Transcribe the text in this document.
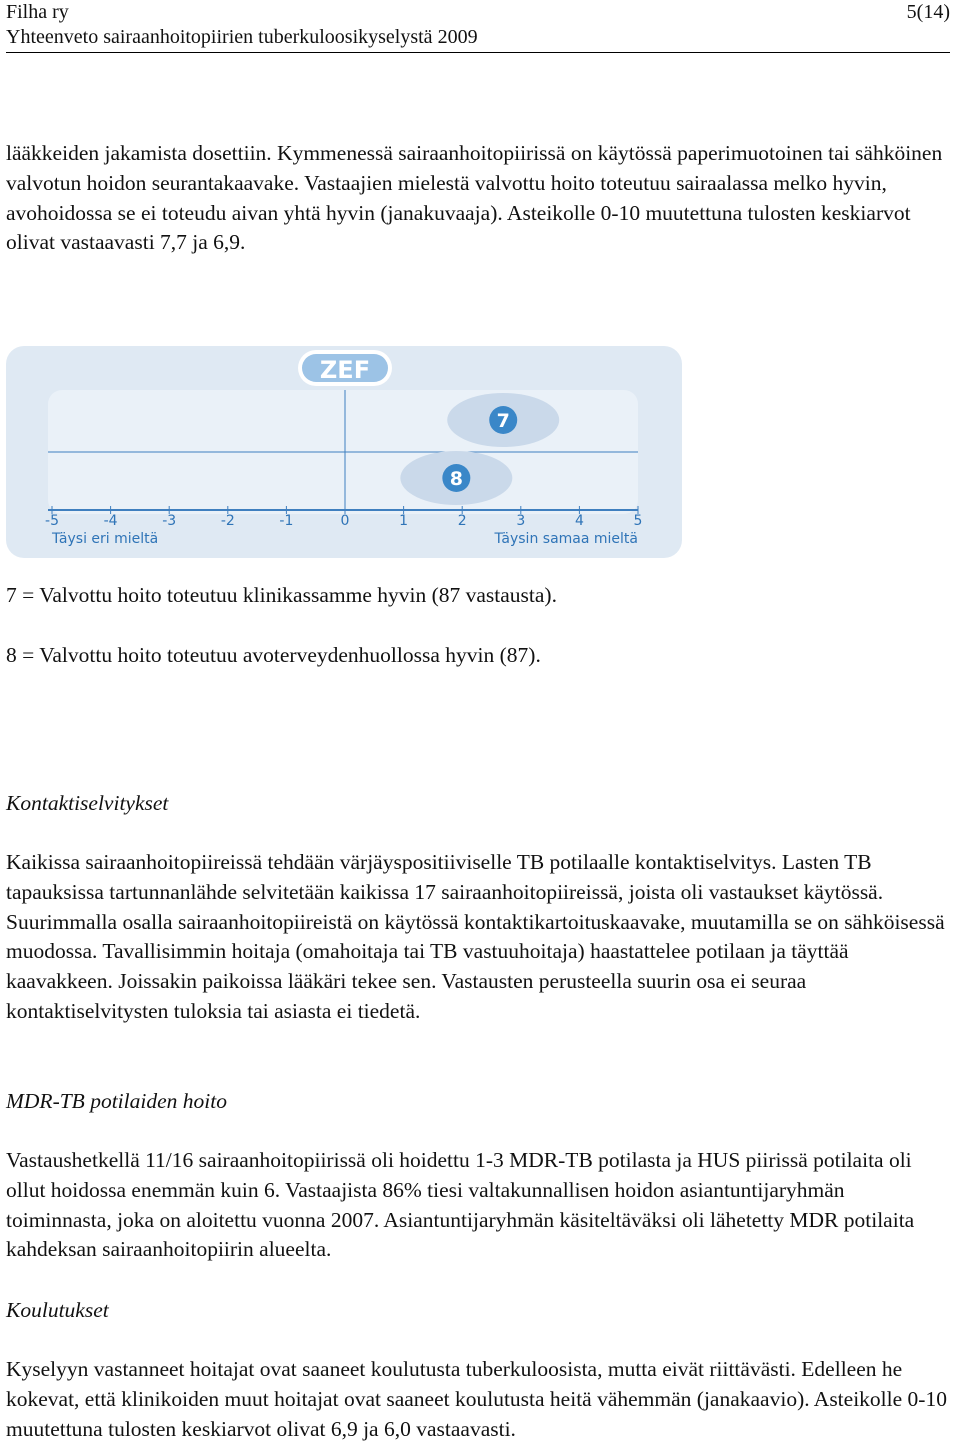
Filha ry	5(14)
Yhteenveto sairaanhoitopiirien tuberkuloosikyselystä 2009

lääkkeiden jakamista dosettiin. Kymmenessä sairaanhoitopiirissä on käytössä paperimuotoinen tai sähköinen valvotun hoidon seurantakaavake. Vastaajien mielestä valvottu hoito toteutuu sairaalassa melko hyvin, avohoidossa se ei toteudu aivan yhtä hyvin (janakuvaaja). Asteikolle 0-10 muutettuna tulosten keskiarvot olivat vastaavasti 7,7 ja 6,9.

ZEF
7
8
-5	-4	-3	-2	-1	0	1	2	3	4	5
Täysi eri mieltä	Täysin samaa mieltä

7 = Valvottu hoito toteutuu klinikassamme hyvin (87 vastausta).

8 = Valvottu hoito toteutuu avoterveydenhuollossa hyvin (87).

Kontaktiselvitykset

Kaikissa sairaanhoitopiireissä tehdään värjäyspositiiviselle TB potilaalle kontaktiselvitys. Lasten TB tapauksissa tartunnanlähde selvitetään kaikissa 17 sairaanhoitopiireissä, joista oli vastaukset käytössä. Suurimmalla osalla sairaanhoitopiireistä on käytössä kontaktikartoituskaavake, muutamilla se on sähköisessä muodossa. Tavallisimmin hoitaja (omahoitaja tai TB vastuuhoitaja) haastattelee potilaan ja täyttää kaavakkeen. Joissakin paikoissa lääkäri tekee sen. Vastausten perusteella suurin osa ei seuraa kontaktiselvitysten tuloksia tai asiasta ei tiedetä.

MDR-TB potilaiden hoito

Vastaushetkellä 11/16 sairaanhoitopiirissä oli hoidettu 1-3 MDR-TB potilasta ja HUS piirissä potilaita oli ollut hoidossa enemmän kuin 6. Vastaajista 86% tiesi valtakunnallisen hoidon asiantuntijaryhmän toiminnasta, joka on aloitettu vuonna 2007. Asiantuntijaryhmän käsiteltäväksi oli lähetetty MDR potilaita kahdeksan sairaanhoitopiirin alueelta.

Koulutukset

Kyselyyn vastanneet hoitajat ovat saaneet koulutusta tuberkuloosista, mutta eivät riittävästi. Edelleen he kokevat, että klinikoiden muut hoitajat ovat saaneet koulutusta heitä vähemmän (janakaavio). Asteikolle 0-10 muutettuna tulosten keskiarvot olivat 6,9 ja 6,0 vastaavasti.
